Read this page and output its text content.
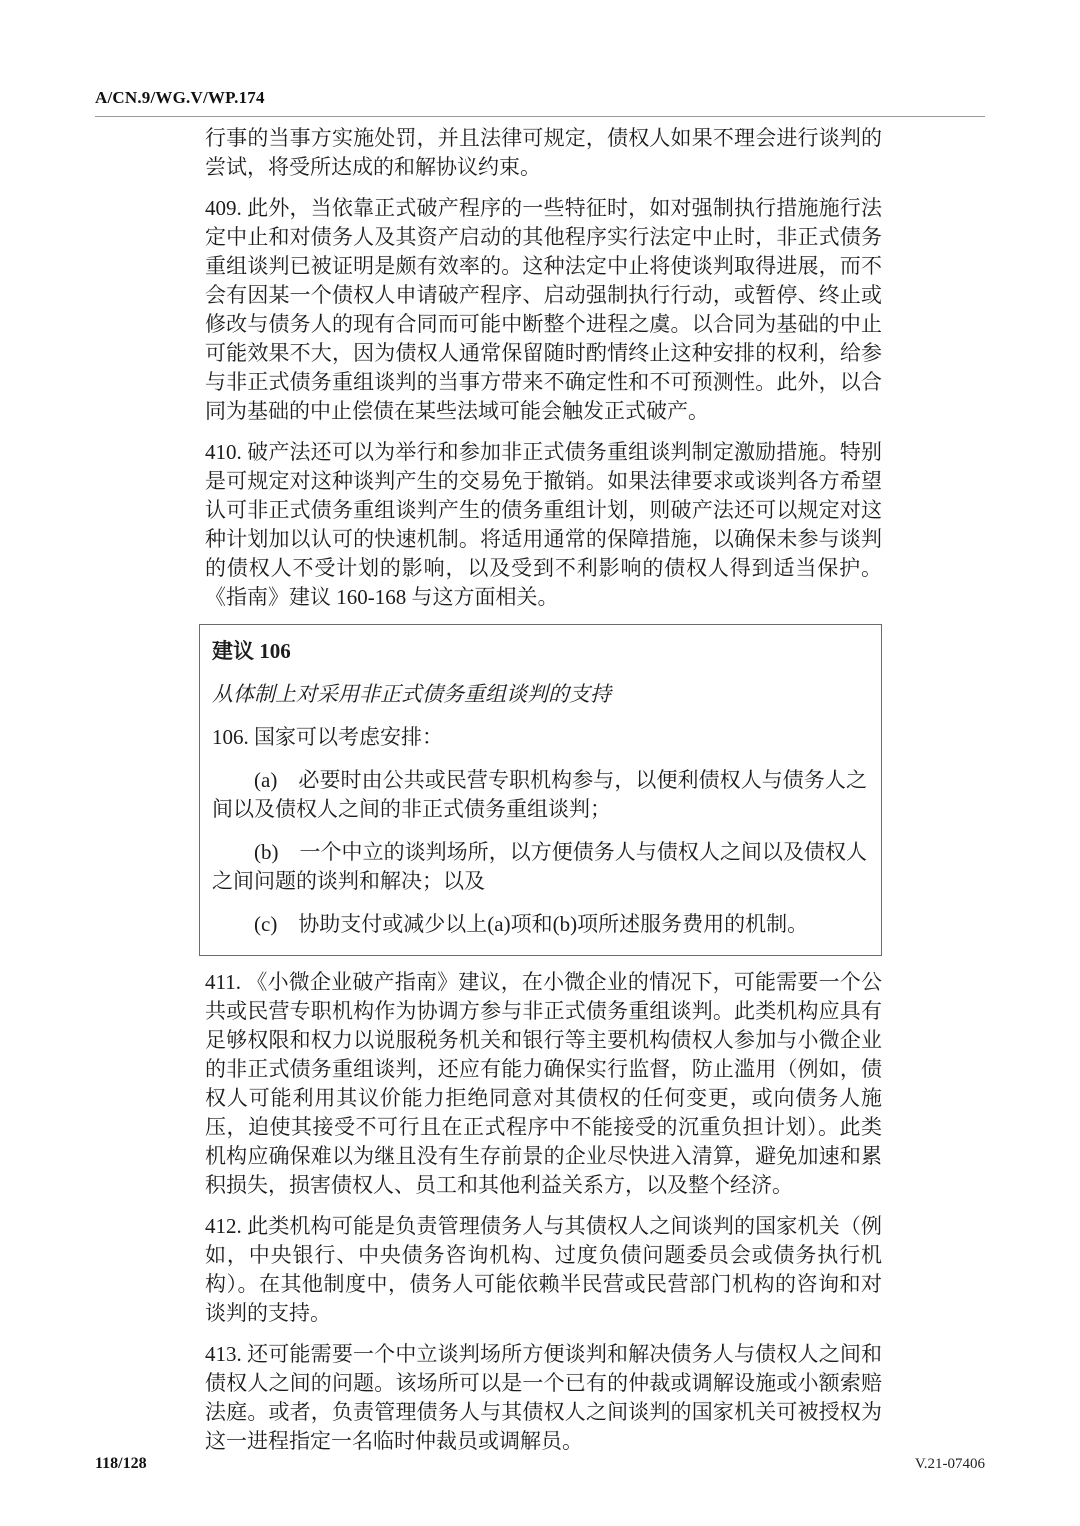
A/CN.9/WG.V/WP.174

行事的当事方实施处罚，并且法律可规定，债权人如果不理会进行谈判的尝试，将受所达成的和解协议约束。

409. 此外，当依靠正式破产程序的一些特征时，如对强制执行措施施行法定中止和对债务人及其资产启动的其他程序实行法定中止时，非正式债务重组谈判已被证明是颇有效率的。这种法定中止将使谈判取得进展，而不会有因某一个债权人申请破产程序、启动强制执行行动，或暂停、终止或修改与债务人的现有合同而可能中断整个进程之虞。以合同为基础的中止可能效果不大，因为债权人通常保留随时酌情终止这种安排的权利，给参与非正式债务重组谈判的当事方带来不确定性和不可预测性。此外，以合同为基础的中止偿债在某些法域可能会触发正式破产。

410. 破产法还可以为举行和参加非正式债务重组谈判制定激励措施。特别是可规定对这种谈判产生的交易免于撤销。如果法律要求或谈判各方希望认可非正式债务重组谈判产生的债务重组计划，则破产法还可以规定对这种计划加以认可的快速机制。将适用通常的保障措施，以确保未参与谈判的债权人不受计划的影响，以及受到不利影响的债权人得到适当保护。《指南》建议 160-168 与这方面相关。

建议 106

从体制上对采用非正式债务重组谈判的支持

106. 国家可以考虑安排：

(a)　必要时由公共或民营专职机构参与，以便利债权人与债务人之间以及债权人之间的非正式债务重组谈判；

(b)　一个中立的谈判场所，以方便债务人与债权人之间以及债权人之间问题的谈判和解决；以及

(c)　协助支付或减少以上(a)项和(b)项所述服务费用的机制。

411. 《小微企业破产指南》建议，在小微企业的情况下，可能需要一个公共或民营专职机构作为协调方参与非正式债务重组谈判。此类机构应具有足够权限和权力以说服税务机关和银行等主要机构债权人参加与小微企业的非正式债务重组谈判，还应有能力确保实行监督，防止滥用（例如，债权人可能利用其议价能力拒绝同意对其债权的任何变更，或向债务人施压，迫使其接受不可行且在正式程序中不能接受的沉重负担计划）。此类机构应确保难以为继且没有生存前景的企业尽快进入清算，避免加速和累积损失，损害债权人、员工和其他利益关系方，以及整个经济。

412. 此类机构可能是负责管理债务人与其债权人之间谈判的国家机关（例如，中央银行、中央债务咨询机构、过度负债问题委员会或债务执行机构）。在其他制度中，债务人可能依赖半民营或民营部门机构的咨询和对谈判的支持。

413. 还可能需要一个中立谈判场所方便谈判和解决债务人与债权人之间和债权人之间的问题。该场所可以是一个已有的仲裁或调解设施或小额索赔法庭。或者，负责管理债务人与其债权人之间谈判的国家机关可被授权为这一进程指定一名临时仲裁员或调解员。

118/128	V.21-07406
